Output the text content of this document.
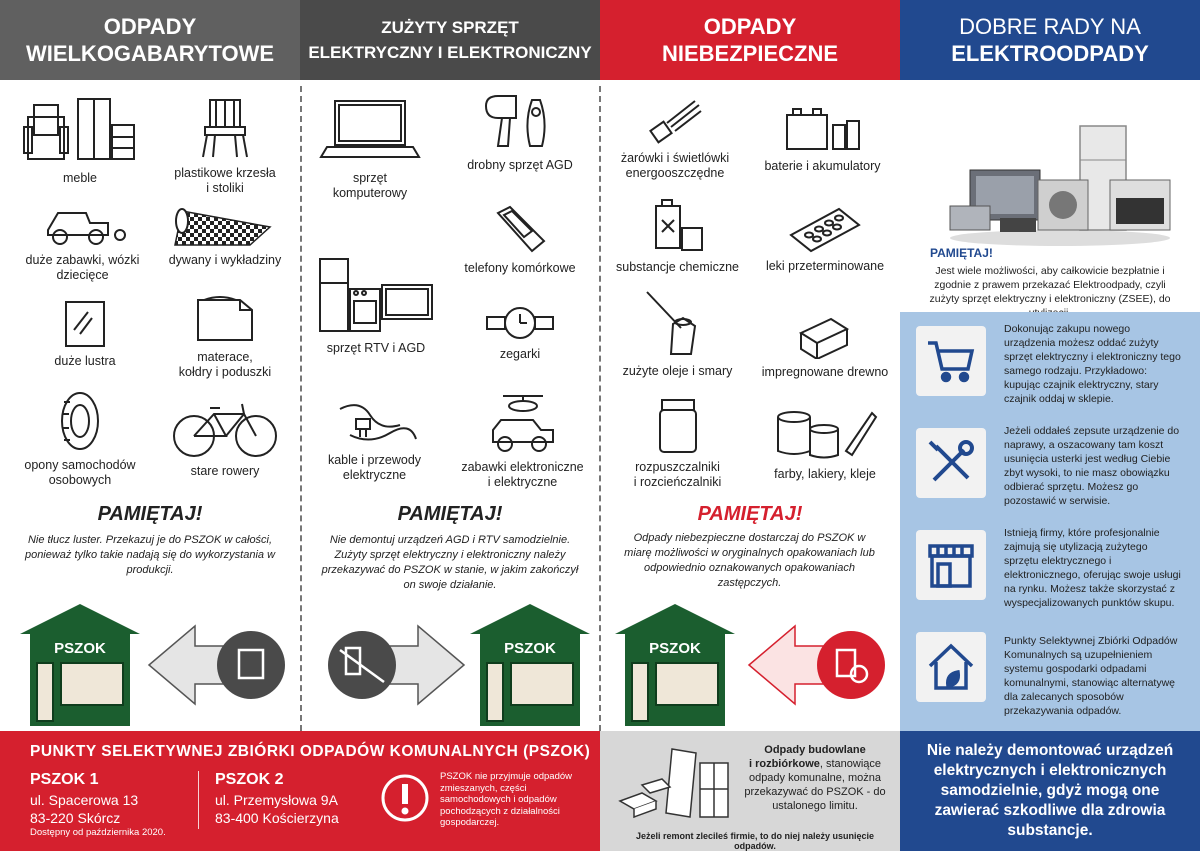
ODPADY
WIELKOGABARYTOWE
ZUŻYTY SPRZĘT
ELEKTRYCZNY I ELEKTRONICZNY
ODPADY
NIEBEZPIECZNE
DOBRE RADY NA
ELEKTROODPADY
meble	plastikowe krzesła
i stoliki
duże zabawki, wózki
dziecięce
dywany i wykładziny
duże lustra	materace,
kołdry i poduszki
opony samochodów
osobowych
stare rowery
PAMIĘTAJ!
Nie tłucz luster. Przekazuj je do PSZOK w całości, ponieważ tylko takie nadają się do wykorzystania w produkcji.
sprzęt
komputerowy
drobny sprzęt AGD
telefony komórkowe
sprzęt RTV i AGD	zegarki
kable i przewody
elektryczne
zabawki elektroniczne
i elektryczne
PAMIĘTAJ!
Nie demontuj urządzeń AGD i RTV samodzielnie.
Zużyty sprzęt elektryczny i elektroniczny należy przekazywać do PSZOK w stanie, w jakim zakończył on swoje działanie.
żarówki i świetlówki
energooszczędne	baterie i akumulatory
substancje chemiczne	leki przeterminowane
zużyte oleje i smary	impregnowane drewno
rozpuszczalniki
i rozcieńczalniki
farby, lakiery, kleje
PAMIĘTAJ!
Odpady niebezpieczne dostarczaj do PSZOK w miarę możliwości w oryginalnych opakowaniach lub odpowiednio oznakowanych opakowaniach zastępczych.
PSZOK	PSZOK	PSZOK
PAMIĘTAJ!
Jest wiele możliwości, aby całkowicie bezpłatnie i zgodnie z prawem przekazać Elektroodpady, czyli zużyty sprzęt elektryczny i elektroniczny (ZSEE), do
Dokonując zakupu nowego urządzenia możesz oddać zużyty sprzęt elektryczny i elektroniczny tego samego rodzaju. Przykładowo: kupując czajnik elektryczny, stary czajnik oddaj w sklepie.
Jeżeli oddałeś zepsute urządzenie do naprawy, a oszacowany tam koszt usunięcia usterki jest według Ciebie zbyt wysoki, to nie masz obowiązku odbierać sprzętu. Możesz go pozostawić w serwisie.
Istnieją firmy, które profesjonalnie zajmują się utylizacją zużytego sprzętu elektrycznego i elektronicznego, oferując swoje usługi na rynku. Możesz także skorzystać z wyspecjalizowanych punktów skupu.
Punkty Selektywnej Zbiórki Odpadów Komunalnych są uzupełnieniem systemu gospodarki odpadami komunalnymi, stanowiąc alternatywę dla zalecanych sposobów przekazywania odpadów.
PUNKTY SELEKTYWNEJ ZBIÓRKI ODPADÓW KOMUNALNYCH (PSZOK)
PSZOK 1
ul. Spacerowa 13
83-220 Skórcz
Dostępny od października 2020.
PSZOK 2
ul. Przemysłowa 9A
83-400 Kościerzyna
PSZOK nie przyjmuje odpadów zmieszanych, części samochodowych i odpadów pochodzących z działalności gospodarczej.
Odpady budowlane
i rozbiórkowe, stanowiące odpady komunalne, można przekazywać do PSZOK - do ustalonego limitu.
Jeżeli remont zlecileś firmie, to do niej należy usunięcie odpadów.
Nie należy demontować urządzeń elektrycznych i elektronicznych samodzielnie, gdyż mogą one zawierać szkodliwe dla zdrowia substancje.
